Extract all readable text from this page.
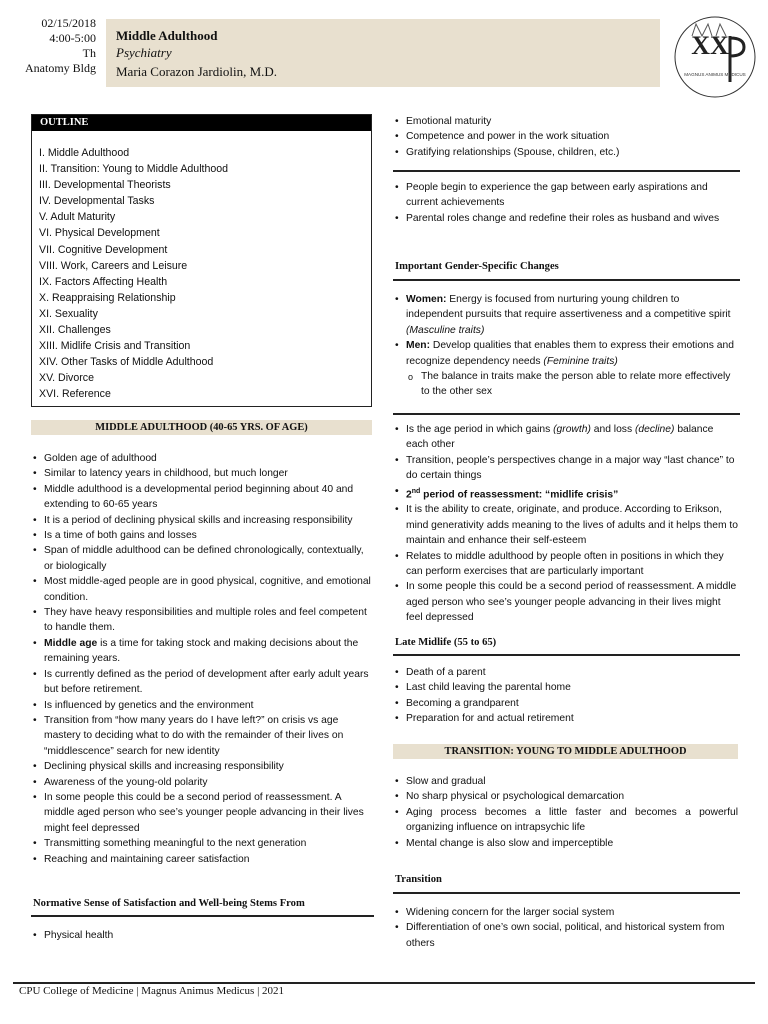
02/15/2018
4:00-5:00
Th
Anatomy Bldg
Middle Adulthood
Psychiatry
Maria Corazon Jardiolin, M.D.
XX
MAGNUS ANIMUS MEDICUS
OUTLINE
I. Middle Adulthood
II. Transition: Young to Middle Adulthood
III. Developmental Theorists
IV. Developmental Tasks
V. Adult Maturity
VI. Physical Development
VII. Cognitive Development
VIII. Work, Careers and Leisure
IX. Factors Affecting Health
X. Reappraising Relationship
XI. Sexuality
XII. Challenges
XIII. Midlife Crisis and Transition
XIV. Other Tasks of Middle Adulthood
XV. Divorce
XVI. Reference
MIDDLE ADULTHOOD (40-65 YRS. OF AGE)
• Golden age of adulthood
• Similar to latency years in childhood, but much longer
• Middle adulthood is a developmental period beginning about 40 and extending to 60-65 years
• It is a period of declining physical skills and increasing responsibility
• Is a time of both gains and losses
• Span of middle adulthood can be defined chronologically, contextually, or biologically
• Most middle-aged people are in good physical, cognitive, and emotional condition.
• They have heavy responsibilities and multiple roles and feel competent to handle them.
• Middle age is a time for taking stock and making decisions about the remaining years.
• Is currently defined as the period of development after early adult years but before retirement.
• Is influenced by genetics and the environment
• Transition from “how many years do I have left?” on crisis vs age mastery to deciding what to do with the remainder of their lives on “middlescence” search for new identity
• Declining physical skills and increasing responsibility
• Awareness of the young-old polarity
• In some people this could be a second period of reassessment. A middle aged person who see’s younger people advancing in their lives might feel depressed
• Transmitting something meaningful to the next generation
• Reaching and maintaining career satisfaction
Normative Sense of Satisfaction and Well-being Stems From
• Physical health
• Emotional maturity
• Competence and power in the work situation
• Gratifying relationships (Spouse, children, etc.)
• People begin to experience the gap between early aspirations and current achievements
• Parental roles change and redefine their roles as husband and wives
Important Gender-Specific Changes
• Women: Energy is focused from nurturing young children to independent pursuits that require assertiveness and a competitive spirit (Masculine traits)
• Men: Develop qualities that enables them to express their emotions and recognize dependency needs (Feminine traits)
o The balance in traits make the person able to relate more effectively to the other sex
• Is the age period in which gains (growth) and loss (decline) balance each other
• Transition, people’s perspectives change in a major way “last chance” to do certain things
• 2nd period of reassessment: “midlife crisis”
• It is the ability to create, originate, and produce. According to Erikson, mind generativity adds meaning to the lives of adults and it helps them to maintain and enhance their self-esteem
• Relates to middle adulthood by people often in positions in which they can perform exercises that are particularly important
• In some people this could be a second period of reassessment. A middle aged person who see’s younger people advancing in their lives might feel depressed
Late Midlife (55 to 65)
• Death of a parent
• Last child leaving the parental home
• Becoming a grandparent
• Preparation for and actual retirement
TRANSITION: YOUNG TO MIDDLE ADULTHOOD
• Slow and gradual
• No sharp physical or psychological demarcation
• Aging process becomes a little faster and becomes a powerful organizing influence on intrapsychic life
• Mental change is also slow and imperceptible
Transition
• Widening concern for the larger social system
• Differentiation of one’s own social, political, and historical system from others
CPU College of Medicine | Magnus Animus Medicus | 2021
